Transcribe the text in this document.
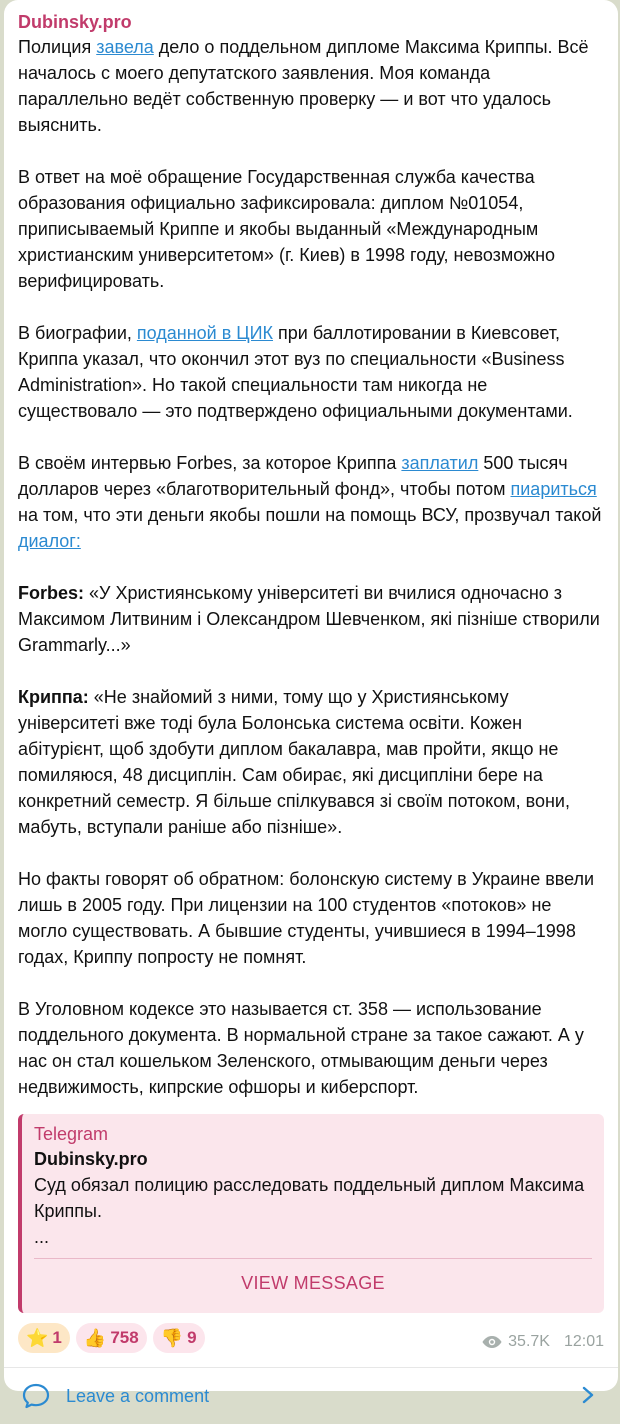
Dubinsky.pro

Полиция завела дело о поддельном дипломе Максима Криппы. Всё началось с моего депутатского заявления. Моя команда параллельно ведёт собственную проверку — и вот что удалось выяснить.

В ответ на моё обращение Государственная служба качества образования официально зафиксировала: диплом №01054, приписываемый Криппе и якобы выданный «Международным христианским университетом» (г. Киев) в 1998 году, невозможно верифицировать.

В биографии, поданной в ЦИК при баллотировании в Киевсовет, Криппа указал, что окончил этот вуз по специальности «Business Administration». Но такой специальности там никогда не существовало — это подтверждено официальными документами.

В своём интервью Forbes, за которое Криппа заплатил 500 тысяч долларов через «благотворительный фонд», чтобы потом пиариться на том, что эти деньги якобы пошли на помощь ВСУ, прозвучал такой диалог:

Forbes: «У Християнському університеті ви вчилися одночасно з Максимом Литвиним і Олександром Шевченком, які пізніше створили Grammarly...»

Криппа: «Не знайомий з ними, тому що у Християнському університеті вже тоді була Болонська система освіти. Кожен абітурієнт, щоб здобути диплом бакалавра, мав пройти, якщо не помиляюся, 48 дисциплін. Сам обирає, які дисципліни бере на конкретний семестр. Я більше спілкувався зі своїм потоком, вони, мабуть, вступали раніше або пізніше».

Но факты говорят об обратном: болонскую систему в Украине ввели лишь в 2005 году. При лицензии на 100 студентов «потоков» не могло существовать. А бывшие студенты, учившиеся в 1994–1998 годах, Криппу попросту не помнят.

В Уголовном кодексе это называется ст. 358 — использование поддельного документа. В нормальной стране за такое сажают. А у нас он стал кошельком Зеленского, отмывающим деньги через недвижимость, кипрские офшоры и киберспорт.

Telegram
Dubinsky.pro
Суд обязал полицию расследовать поддельный диплом Максима Криппы.
...
VIEW MESSAGE
⭐ 1 👍 758 👎 9	35.7K 12:01
Leave a comment
